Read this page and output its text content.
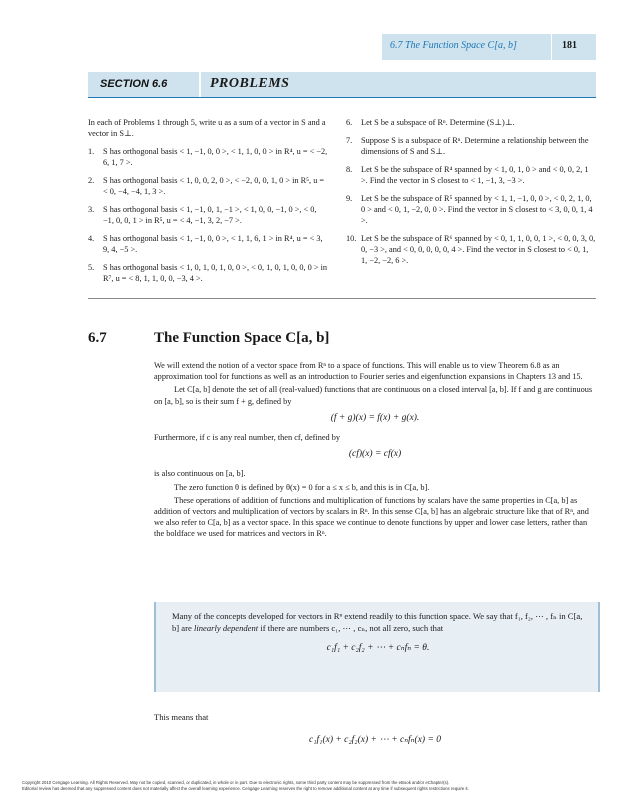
6.7 The Function Space C[a, b]	181
SECTION 6.6	PROBLEMS

In each of Problems 1 through 5, write u as a sum of a vector in S and a vector in S⊥.

1.	S has orthogonal basis < 1, −1, 0, 0 >, < 1, 1, 0, 0 > in R⁴, u = < −2, 6, 1, 7 >.
2.	S has orthogonal basis < 1, 0, 0, 2, 0 >, < −2, 0, 0, 1, 0 > in R⁵, u = < 0, −4, −4, 1, 3 >.
3.	S has orthogonal basis < 1, −1, 0, 1, −1 >, < 1, 0, 0, −1, 0 >, < 0, −1, 0, 0, 1 > in R⁵, u = < 4, −1, 3, 2, −7 >.
4.	S has orthogonal basis < 1, −1, 0, 0 >, < 1, 1, 6, 1 > in R⁴, u = < 3, 9, 4, −5 >.
5.	S has orthogonal basis < 1, 0, 1, 0, 1, 0, 0 >, < 0, 1, 0, 1, 0, 0, 0 > in R⁷, u = < 8, 1, 1, 0, 0, −3, 4 >.
6.	Let S be a subspace of Rⁿ. Determine (S⊥)⊥.
7.	Suppose S is a subspace of Rⁿ. Determine a relationship between the dimensions of S and S⊥.
8.	Let S be the subspace of R⁴ spanned by < 1, 0, 1, 0 > and < 0, 0, 2, 1 >. Find the vector in S closest to < 1, −1, 3, −3 >.
9.	Let S be the subspace of R⁵ spanned by < 1, 1, −1, 0, 0 >, < 0, 2, 1, 0, 0 > and < 0, 1, −2, 0, 0 >. Find the vector in S closest to < 3, 0, 0, 1, 4 >.
10. Let S be the subspace of R⁶ spanned by < 0, 1, 1, 0, 0, 1 >, < 0, 0, 3, 0, 0, −3 >, and < 0, 0, 0, 0, 0, 4 >. Find the vector in S closest to < 0, 1, 1, −2, −2, 6 >.
6.7	The Function Space C[a, b]

We will extend the notion of a vector space from Rⁿ to a space of functions. This will enable us to view Theorem 6.8 as an approximation tool for functions as well as an introduction to Fourier series and eigenfunction expansions in Chapters 13 and 15.

Let C[a, b] denote the set of all (real-valued) functions that are continuous on a closed interval [a, b]. If f and g are continuous on [a, b], so is their sum f + g, defined by

(f + g)(x) = f(x) + g(x).

Furthermore, if c is any real number, then cf, defined by

(cf)(x) = cf(x)

is also continuous on [a, b].

The zero function θ is defined by θ(x) = 0 for a ≤ x ≤ b, and this is in C[a, b].

These operations of addition of functions and multiplication of functions by scalars have the same properties in C[a, b] as addition of vectors and multiplication of vectors by scalars in Rⁿ. In this sense C[a, b] has an algebraic structure like that of Rⁿ, and we also refer to C[a, b] as a vector space. In this space we continue to denote functions by upper and lower case letters, rather than the boldface we used for matrices and vectors in Rⁿ.

Many of the concepts developed for vectors in Rⁿ extend readily to this function space. We say that f₁, f₂, ⋯ , fₙ in C[a, b] are linearly dependent if there are numbers c₁, ⋯ , cₙ, not all zero, such that

c₁f₁ + c₂f₂ + ⋯ + cₙfₙ = θ.
This means that
c₁f₁(x) + c₂f₂(x) + ⋯ + cₙfₙ(x) = 0

Copyright 2010 Cengage Learning. All Rights Reserved. May not be copied, scanned, or duplicated, in whole or in part. Due to electronic rights, some third party content may be suppressed from the eBook and/or eChapter(s).

Editorial review has deemed that any suppressed content does not materially affect the overall learning experience. Cengage Learning reserves the right to remove additional content at any time if subsequent rights restrictions require it.
